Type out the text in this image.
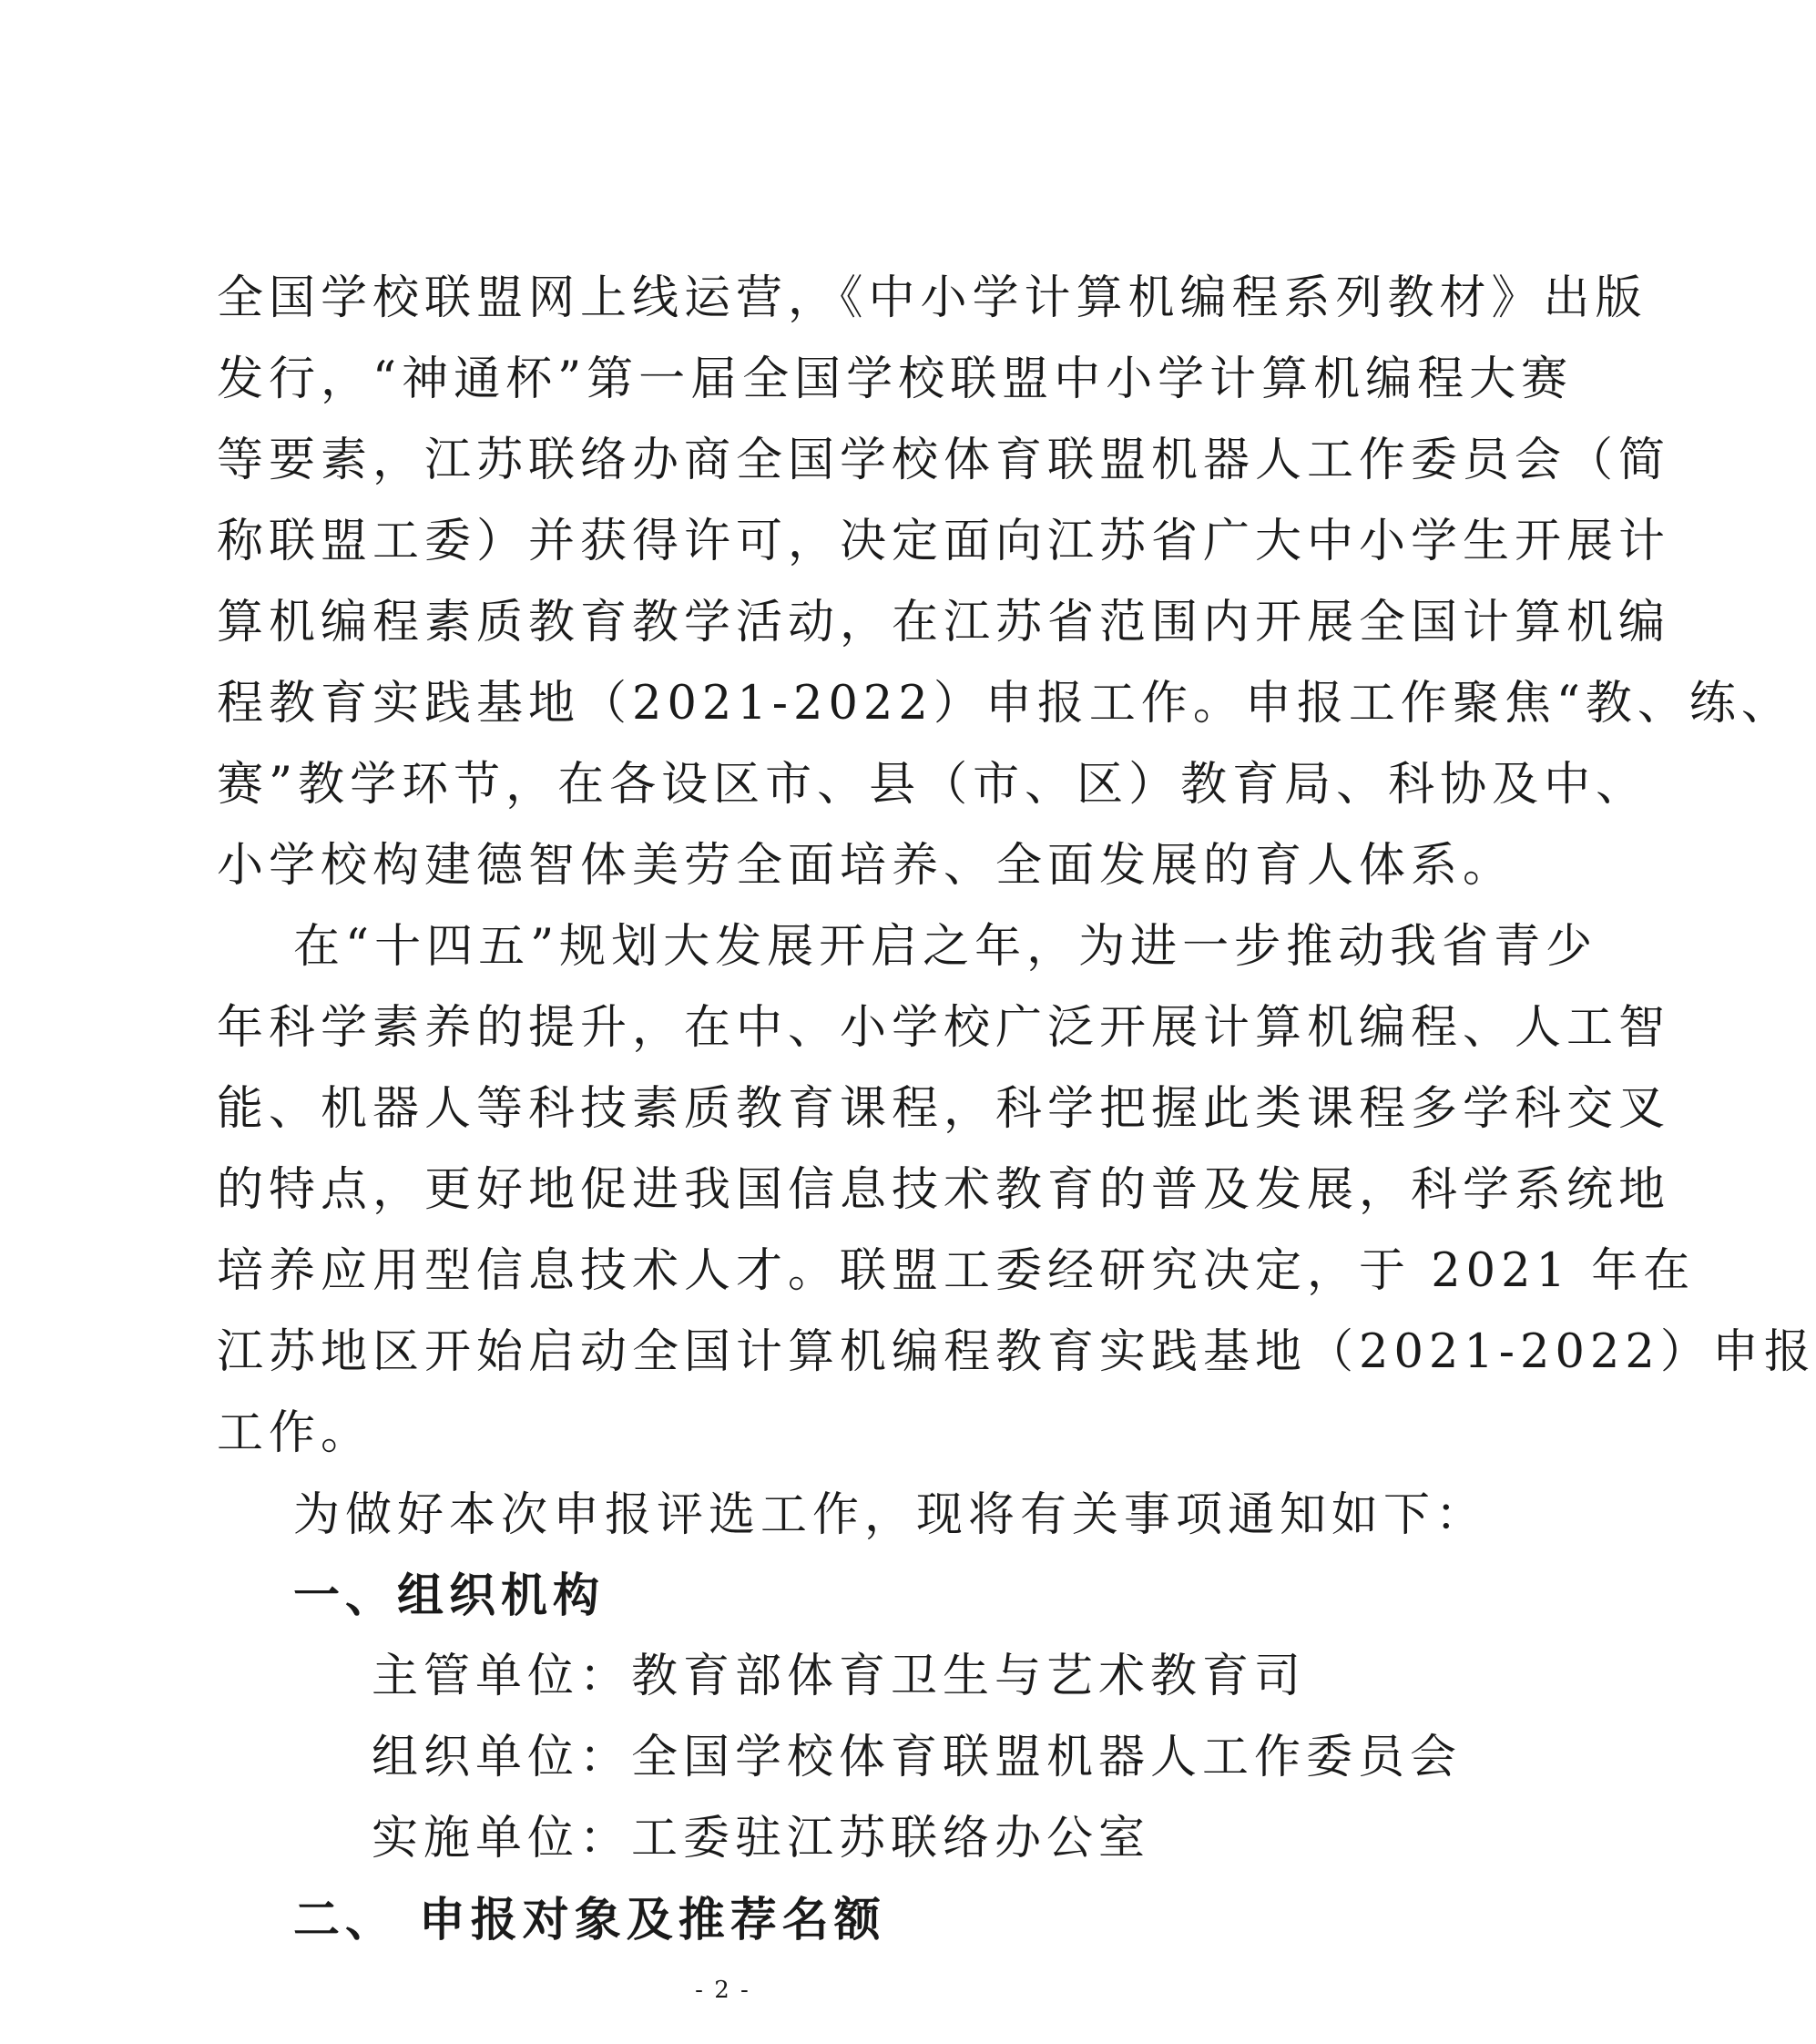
全国学校联盟网上线运营，《中小学计算机编程系列教材》出版
发行，“神通杯”第一届全国学校联盟中小学计算机编程大赛
等要素，江苏联络办商全国学校体育联盟机器人工作委员会（简
称联盟工委）并获得许可，决定面向江苏省广大中小学生开展计
算机编程素质教育教学活动，在江苏省范围内开展全国计算机编
程教育实践基地（2021-2022）申报工作。申报工作聚焦“教、练、
赛”教学环节，在各设区市、县（市、区）教育局、科协及中、
小学校构建德智体美劳全面培养、全面发展的育人体系。
在“十四五”规划大发展开启之年，为进一步推动我省青少
年科学素养的提升，在中、小学校广泛开展计算机编程、人工智
能、机器人等科技素质教育课程，科学把握此类课程多学科交叉
的特点，更好地促进我国信息技术教育的普及发展，科学系统地
培养应用型信息技术人才。联盟工委经研究决定，于 2021 年在
江苏地区开始启动全国计算机编程教育实践基地（2021-2022）申报
工作。
为做好本次申报评选工作，现将有关事项通知如下：
一、组织机构
主管单位：教育部体育卫生与艺术教育司
组织单位：全国学校体育联盟机器人工作委员会
实施单位：工委驻江苏联络办公室
二、 申报对象及推荐名额
- 2 -
